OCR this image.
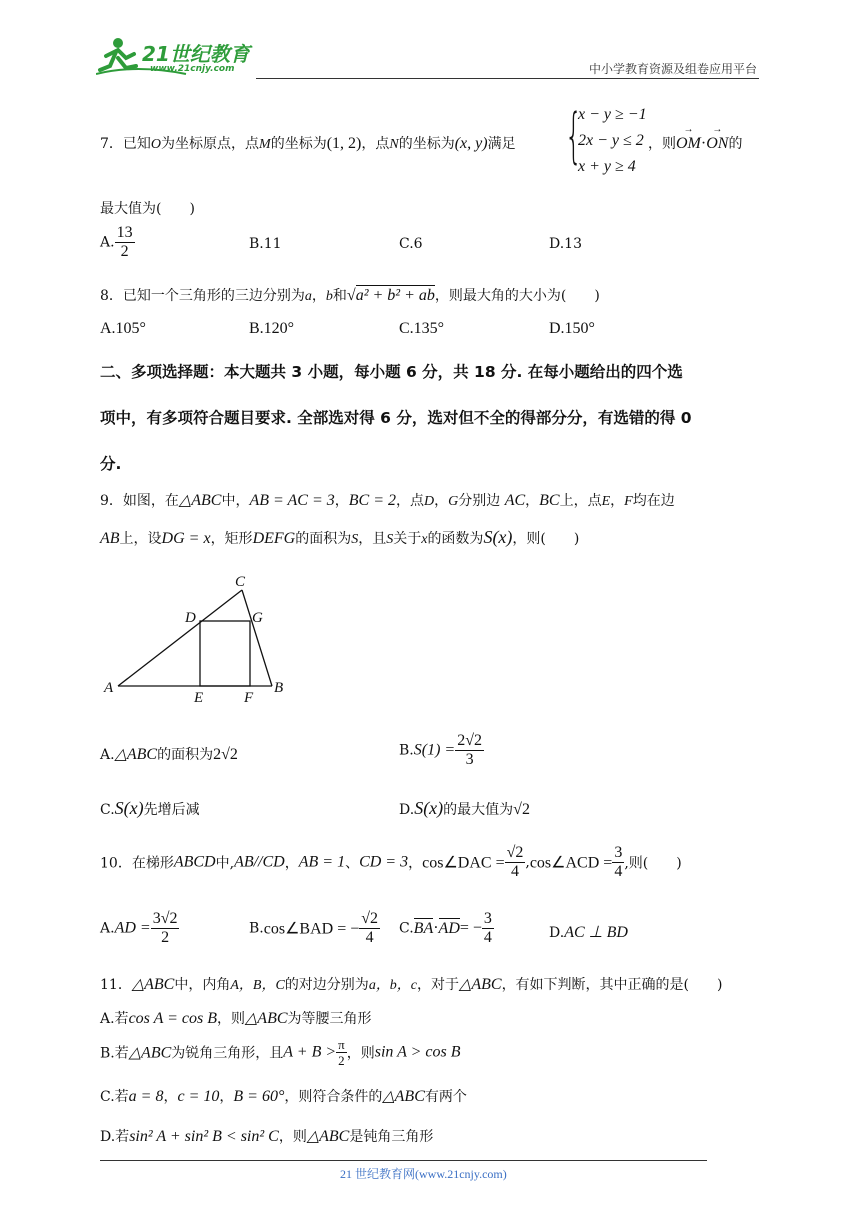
21世纪教育
www.21cnjy.com	中小学教育资源及组卷应用平台
7．已知O为坐标原点，点M的坐标为(1, 2)，点N的坐标为(x, y)满足 {
x − y ≥ −1
2x − y ≤ 2
x + y ≥ 4
，则→ OM·→ ON的
最大值为(　　)
A. $\frac{13}{2}$	B.11	C.6	D.13
8．已知一个三角形的三边分别为a，b和√a² + b² + ab，则最大角的大小为(　　)
A.105°	B.120°	C.135°	D.150°
二、多项选择题：本大题共 3 小题，每小题 6 分，共 18 分. 在每小题给出的四个选
项中，有多项符合题目要求. 全部选对得 6 分，选对但不全的得部分分，有选错的得 0
分.
9．如图，在△ABC中，AB = AC = 3，BC = 2，点D，G分别边 AC，BC上，点E，F均在边
AB上，设DG = x，矩形DEFG的面积为S，且S关于x的函数为S(x)，则(　　)
A	B
C
D
E	F
G
A.△ABC的面积为2√2	$B.S(1) = \frac{2√2}{3}$
C.S(x)先增后减	D.S(x)的最大值为√2
10．在梯形ABCD中,AB//CD，AB = 1、CD = 3，cos∠DAC = $\frac{√2}{4}$ ,cos∠ACD = $\frac{3}{4}$ ,则(　　)
$A.AD = \frac{3√2}{2}$	B.cos∠BAD = − $\frac{√2}{4} C.BA\cdot AD= - \frac{3}{4}$	D.AC ⊥ BD
11．△ABC中，内角A，B，C的对边分别为a，b，c，对于△ABC，有如下判断，其中正确的是(　　)
A.若cos A = cos B，则△ABC为等腰三角形
B.若△ABC为锐角三角形，且$A + B > \frac{\pi}{2}$ ，则sin A > cos B
C.若a = 8，c = 10，B = 60°，则符合条件的△ABC有两个
D.若sin² A + sin² B < sin² C，则△ABC是钝角三角形
21 世纪教育网(www.21cnjy.com)
